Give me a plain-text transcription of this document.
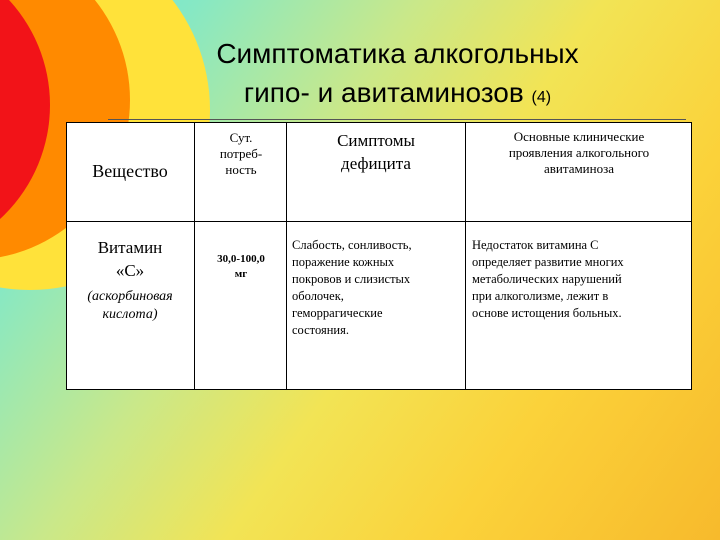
Симптоматика алкогольных
гипо- и авитаминозов (4)
Вещество
Сут.
потреб-
ность
Симптомы
дефицита
Основные клинические
проявления алкогольного
авитаминоза
Витамин
«С»
(аскорбиновая
кислота)
30,0-100,0
мг
Слабость, сонливость,
поражение кожных
покровов и слизистых
оболочек,
геморрагические
состояния.
Недостаток витамина С
определяет развитие многих
метаболических нарушений
при алкоголизме, лежит в
основе истощения больных.
